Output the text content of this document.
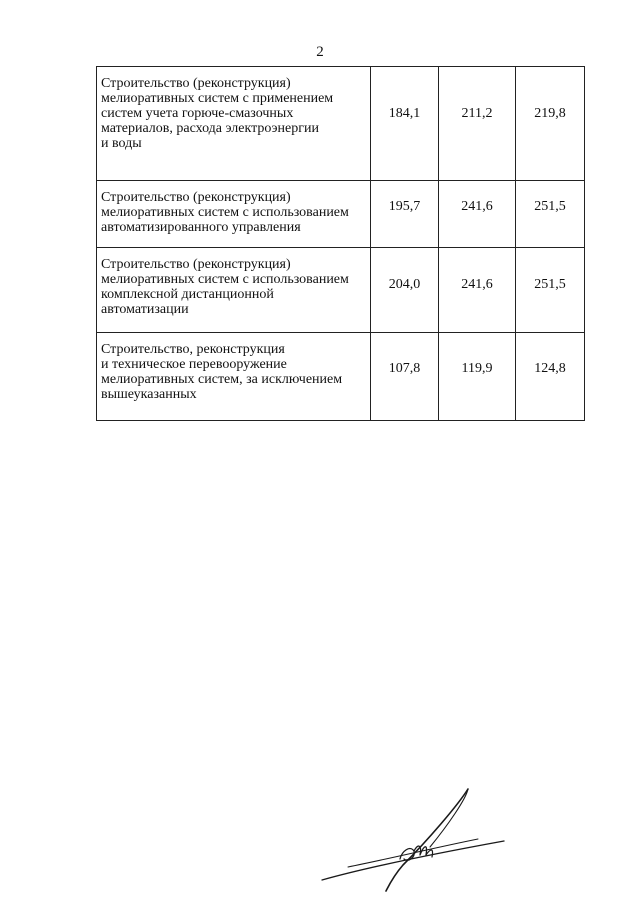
2
Строительство (реконструкция)
мелиоративных систем с применением
систем учета горюче-смазочных
материалов, расхода электроэнергии
и воды	184,1	211,2	219,8

Строительство (реконструкция)
мелиоративных систем с использованием
автоматизированного управления	195,7	241,6	251,5

Строительство (реконструкция)
мелиоративных систем с использованием
комплексной дистанционной
автоматизации	204,0	241,6	251,5

Строительство, реконструкция
и техническое перевооружение
мелиоративных систем, за исключением
вышеуказанных	107,8	119,9	124,8
